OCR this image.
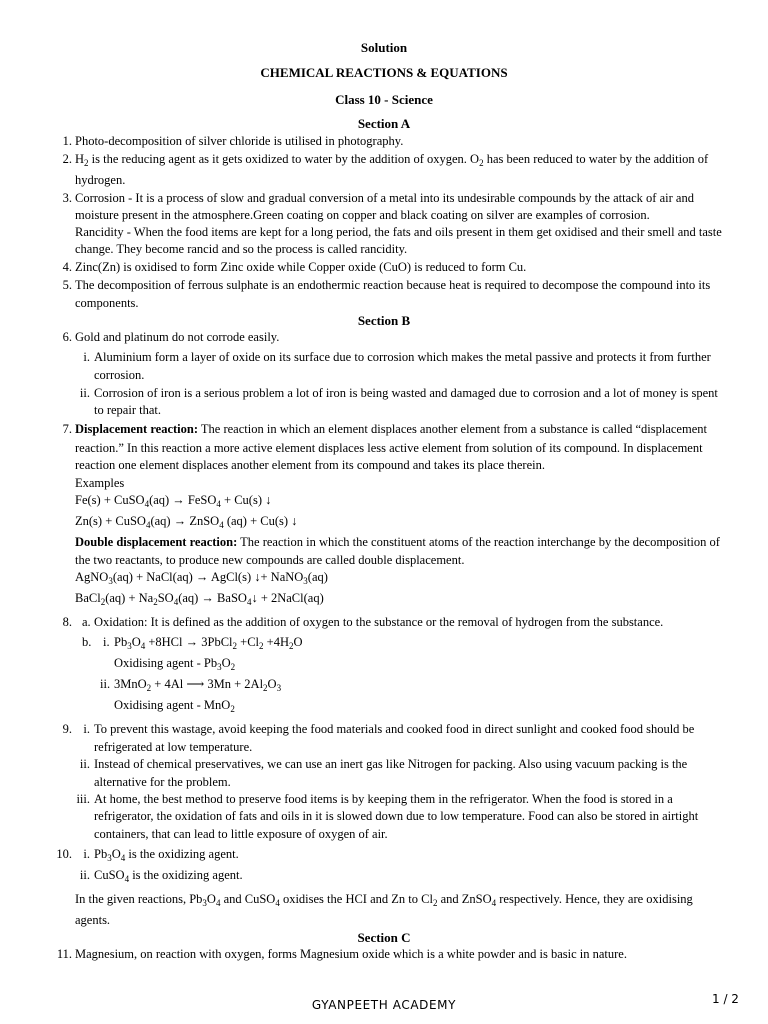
Solution
CHEMICAL REACTIONS & EQUATIONS
Class 10 - Science
Section A
1. Photo-decomposition of silver chloride is utilised in photography.
2. $H_2$ is the reducing agent as it gets oxidized to water by the addition of oxygen. $O_2$ has been reduced to water by the addition of
hydrogen.
3. Corrosion - It is a process of slow and gradual conversion of a metal into its undesirable compounds by the attack of air and
moisture present in the atmosphere.Green coating on copper and black coating on silver are examples of corrosion.
Rancidity - When the food items are kept for a long period, the fats and oils present in them get oxidised and their smell and taste
change. They become rancid and so the process is called rancidity.
4. Zinc(Zn) is oxidised to form Zinc oxide while Copper oxide (CuO) is reduced to form Cu.
5. The decomposition of ferrous sulphate is an endothermic reaction because heat is required to decompose the compound into its
components.
Section B
6. Gold and platinum do not corrode easily.
i. Aluminium form a layer of oxide on its surface due to corrosion which makes the metal passive and protects it from further
corrosion.
ii. Corrosion of iron is a serious problem a lot of iron is being wasted and damaged due to corrosion and a lot of money is spent
to repair that.
7. Displacement reaction: The reaction in which an element displaces another element from a substance is called “displacement
reaction.” In this reaction a more active element displaces less active element from solution of its compound. In displacement
reaction one element displaces another element from its compound and takes its place therein.
Examples
Fe(s) + CuSO$_4$(aq) → FeSO$_4$ + Cu(s) ↓
Zn(s) + CuSO$_4$(aq) → ZnSO$_4$ (aq) + Cu(s) ↓
Double displacement reaction: The reaction in which the constituent atoms of the reaction interchange by the decomposition of
the two reactants, to produce new compounds are called double displacement.
AgNO$_3$(aq) + NaCl(aq) → AgCl(s) ↓+ NaNO$_3$(aq)
BaCl$_2$(aq) + $Na_2SO_4(aq)$ → BaSO$_4$↓ + 2NaCl(aq)
8. a. Oxidation: It is defined as the addition of oxygen to the substance or the removal of hydrogen from the substance.
b. i. $Pb_3O_4 +8HCl$ → 3PbCl$_2$ $+Cl_2 +4H_2O$
Oxidising agent - $Pb_3O_2$
ii. 3MnO$_2$ + 4Al ⟶ $3Mn + 2Al_2O_3$
Oxidising agent - MnO$_2$
9. i. To prevent this wastage, avoid keeping the food materials and cooked food in direct sunlight and cooked food should be
refrigerated at low temperature.
ii. Instead of chemical preservatives, we can use an inert gas like Nitrogen for packing. Also using vacuum packing is the
alternative for the problem.
iii. At home, the best method to preserve food items is by keeping them in the refrigerator. When the food is stored in a
refrigerator, the oxidation of fats and oils in it is slowed down due to low temperature. Food can also be stored in airtight
containers, that can lead to little exposure of oxygen of air.
10. i. $Pb_3O_4$ is the oxidizing agent.
ii. CuSO$_4$ is the oxidizing agent.
In the given reactions, $Pb_3O_4$ and CuSO$_4$ oxidises the HCI and Zn to $Cl_2$ and ZnSO$_4$ respectively. Hence, they are oxidising
agents.
Section C
11. Magnesium, on reaction with oxygen, forms Magnesium oxide which is a white powder and is basic in nature.
GYANPEETH ACADEMY	1 / 2
